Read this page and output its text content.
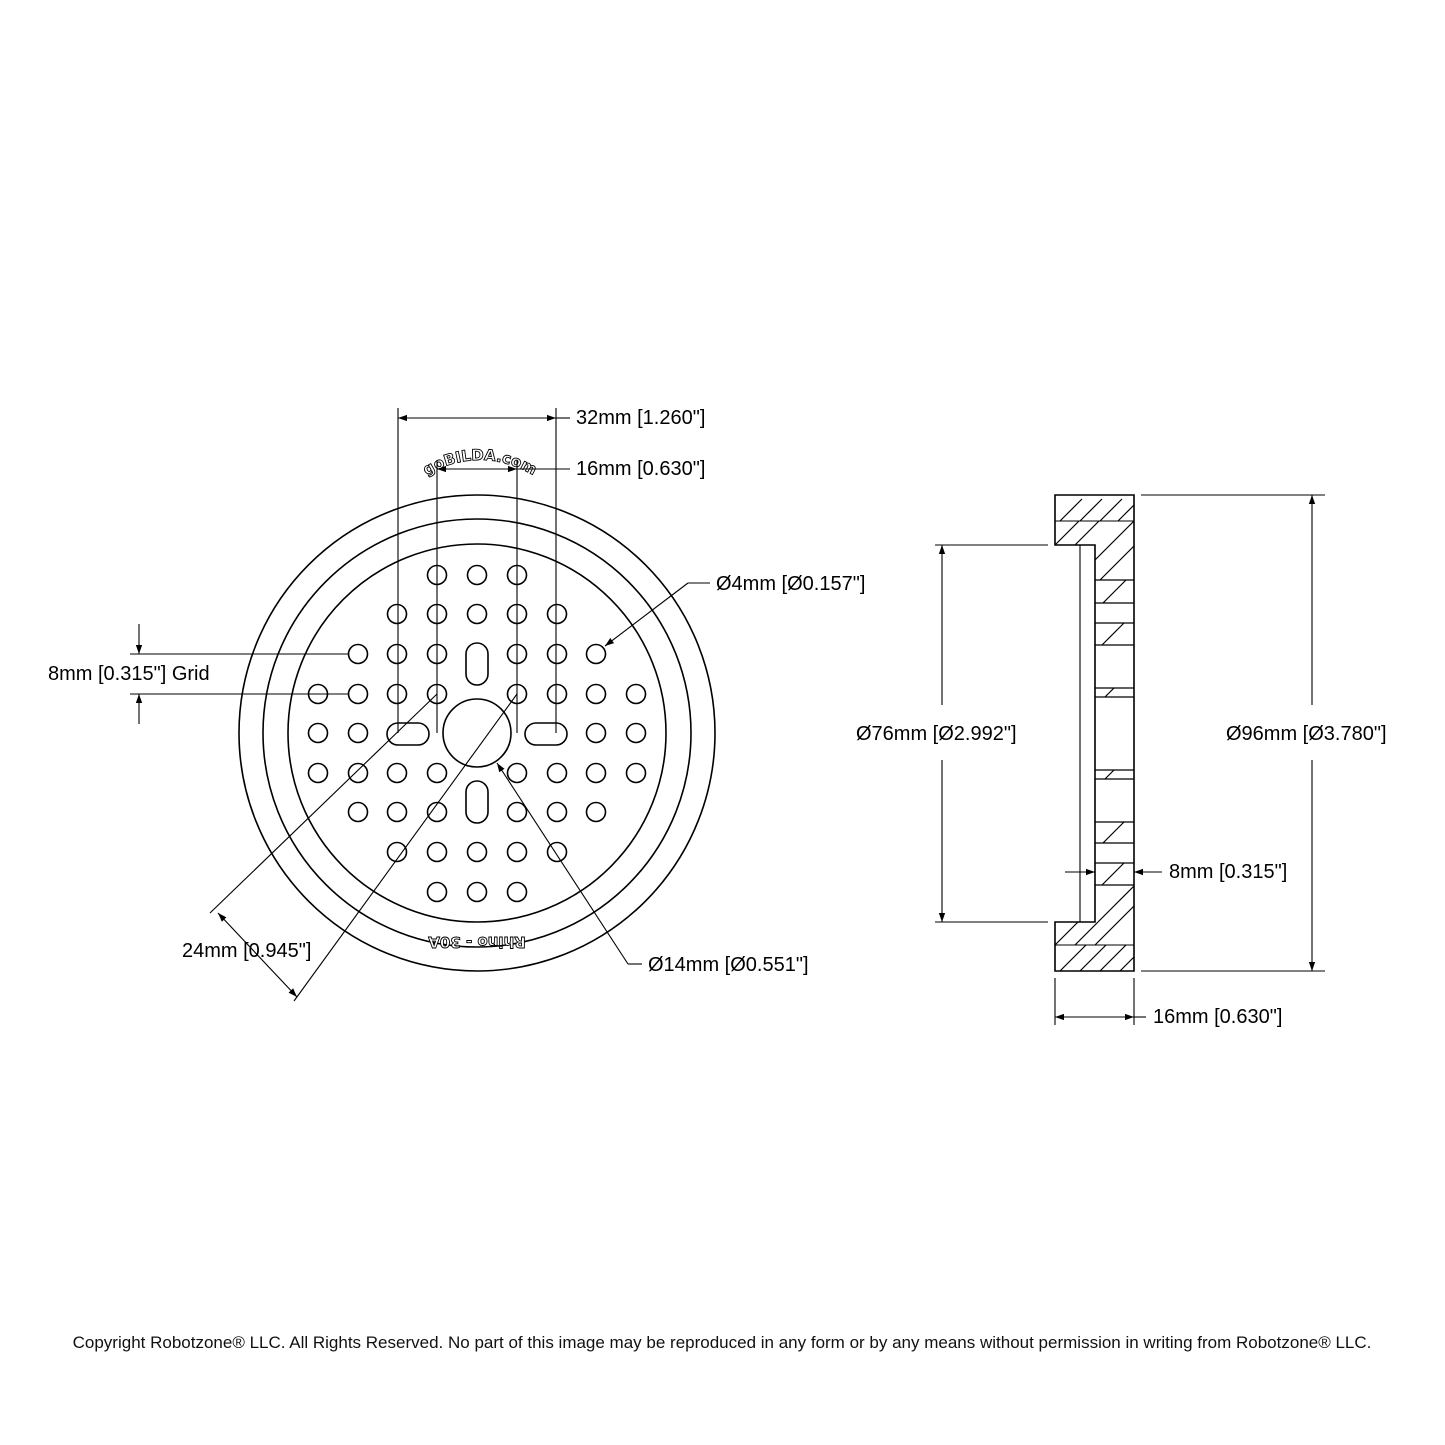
goBILDA.com
Rhino - 30A
32mm [1.260"]
16mm [0.630"]
Ø4mm [Ø0.157"]
8mm [0.315"] Grid
24mm [0.945"]
Ø14mm [Ø0.551"]
Ø76mm [Ø2.992"]	Ø96mm [Ø3.780"]
8mm [0.315"]
16mm [0.630"]
Copyright Robotzone® LLC. All Rights Reserved. No part of this image may be reproduced in any form or by any means without permission in writing from Robotzone® LLC.
